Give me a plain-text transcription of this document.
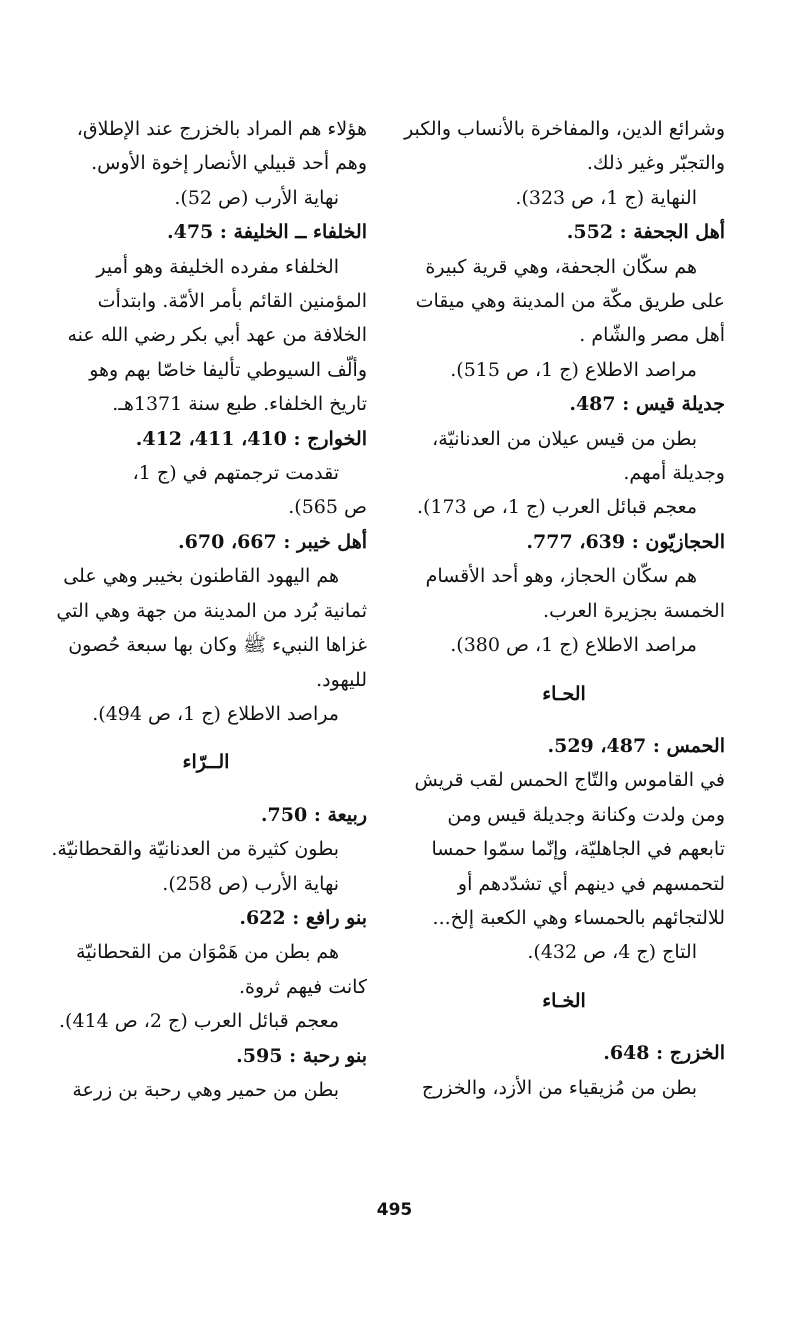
وشرائع الدين، والمفاخرة بالأنساب والكبر
والتجبّر وغير ذلك.
النهاية (ج 1، ص 323).
أهل الجحفة : 552.
هم سكّان الجحفة، وهي قرية كبيرة
على طريق مكّة من المدينة وهي ميقات
أهل مصر والشّام .
مراصد الاطلاع (ج 1، ص 515).
جديلة قيس : 487.
بطن من قيس عيلان من العدنانيّة،
وجديلة أمهم.
معجم قبائل العرب (ج 1، ص 173).
الحجازيّون : 639، 777.
هم سكّان الحجاز، وهو أحد الأقسام
الخمسة بجزيرة العرب.
مراصد الاطلاع (ج 1، ص 380).
الحـاء
الحمس : 487، 529.
في القاموس والتّاج الحمس لقب قريش
ومن ولدت وكنانة وجديلة قيس ومن
تابعهم في الجاهليّة، وإنّما سمّوا حمسا
لتحمسهم في دينهم أي تشدّدهم أو
للالتجائهم بالحمساء وهي الكعبة إلخ...
التاج (ج 4، ص 432).
الخـاء
الخزرج : 648.
بطن من مُزيقياء من الأزد، والخزرج
هؤلاء هم المراد بالخزرج عند الإطلاق،
وهم أحد قبيلي الأنصار إخوة الأوس.
نهاية الأرب (ص 52).
الخلفاء ــ الخليفة : 475.
الخلفاء مفرده الخليفة وهو أمير
المؤمنين القائم بأمر الأمّة. وابتدأت
الخلافة من عهد أبي بكر رضي الله عنه
وألّف السيوطي تأليفا خاصّا بهم وهو
تاريخ الخلفاء. طبع سنة 1371هـ.
الخوارج : 410، 411، 412.
تقدمت ترجمتهم في (ج 1،
ص 565).
أهل خيبر : 667، 670.
هم اليهود القاطنون بخيبر وهي على
ثمانية بُرد من المدينة من جهة وهي التي
غزاها النبيء ﷺ وكان بها سبعة حُصون
لليهود.
مراصد الاطلاع (ج 1، ص 494).
الــرّاء
ربيعة : 750.
بطون كثيرة من العدنانيّة والقحطانيّة.
نهاية الأرب (ص 258).
بنو رافع : 622.
هم بطن من هَمْوَان من القحطانيّة
كانت فيهم ثروة.
معجم قبائل العرب (ج 2، ص 414).
بنو رحبة : 595.
بطن من حمير وهي رحبة بن زرعة
495
